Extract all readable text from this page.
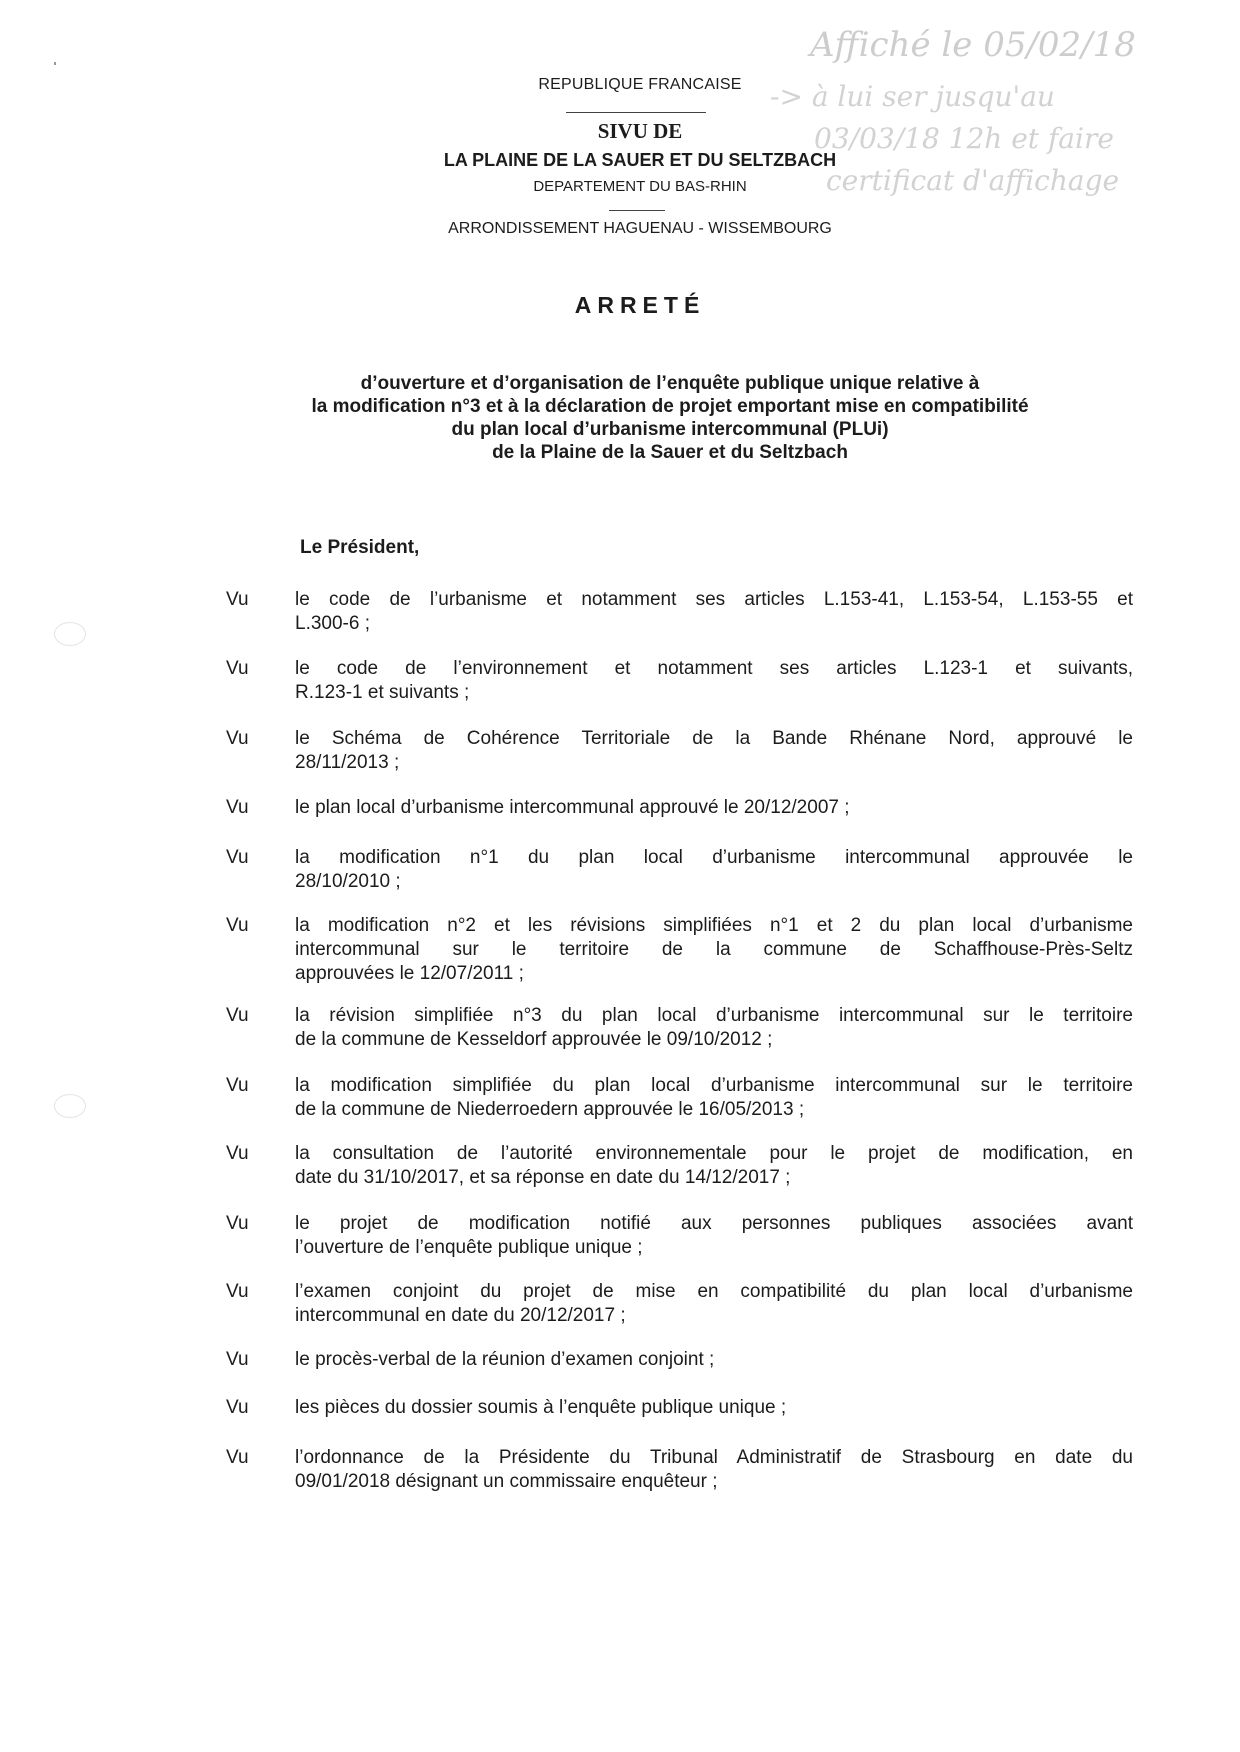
Affiché le 05/02/18
-> à lui ser jusqu'au
03/03/18 12h et faire
certificat d'affichage
REPUBLIQUE FRANCAISE
SIVU DE
LA PLAINE DE LA SAUER ET DU SELTZBACH
DEPARTEMENT DU BAS-RHIN
ARRONDISSEMENT HAGUENAU - WISSEMBOURG
ARRETÉ
d’ouverture et d’organisation de l’enquête publique unique relative à
la modification n°3 et à la déclaration de projet emportant mise en compatibilité
du plan local d’urbanisme intercommunal (PLUi)
de la Plaine de la Sauer et du Seltzbach
Le Président,
Vu le code de l’urbanisme et notamment ses articles L.153-41, L.153-54, L.153-55 et
L.300-6 ;
Vu le code de l’environnement et notamment ses articles L.123-1 et suivants,
R.123-1 et suivants ;
Vu le Schéma de Cohérence Territoriale de la Bande Rhénane Nord, approuvé le
28/11/2013 ;
Vu le plan local d’urbanisme intercommunal approuvé le 20/12/2007 ;
Vu la modification n°1 du plan local d’urbanisme intercommunal approuvée le
28/10/2010 ;
Vu la modification n°2 et les révisions simplifiées n°1 et 2 du plan local d’urbanisme
intercommunal sur le territoire de la commune de Schaffhouse-Près-Seltz
approuvées le 12/07/2011 ;
Vu la révision simplifiée n°3 du plan local d’urbanisme intercommunal sur le territoire
de la commune de Kesseldorf approuvée le 09/10/2012 ;
Vu la modification simplifiée du plan local d’urbanisme intercommunal sur le territoire
de la commune de Niederroedern approuvée le 16/05/2013 ;
Vu la consultation de l’autorité environnementale pour le projet de modification, en
date du 31/10/2017, et sa réponse en date du 14/12/2017 ;
Vu le projet de modification notifié aux personnes publiques associées avant
l’ouverture de l’enquête publique unique ;
Vu l’examen conjoint du projet de mise en compatibilité du plan local d’urbanisme
intercommunal en date du 20/12/2017 ;
Vu le procès-verbal de la réunion d’examen conjoint ;
Vu les pièces du dossier soumis à l’enquête publique unique ;
Vu l’ordonnance de la Présidente du Tribunal Administratif de Strasbourg en date du
09/01/2018 désignant un commissaire enquêteur ;
